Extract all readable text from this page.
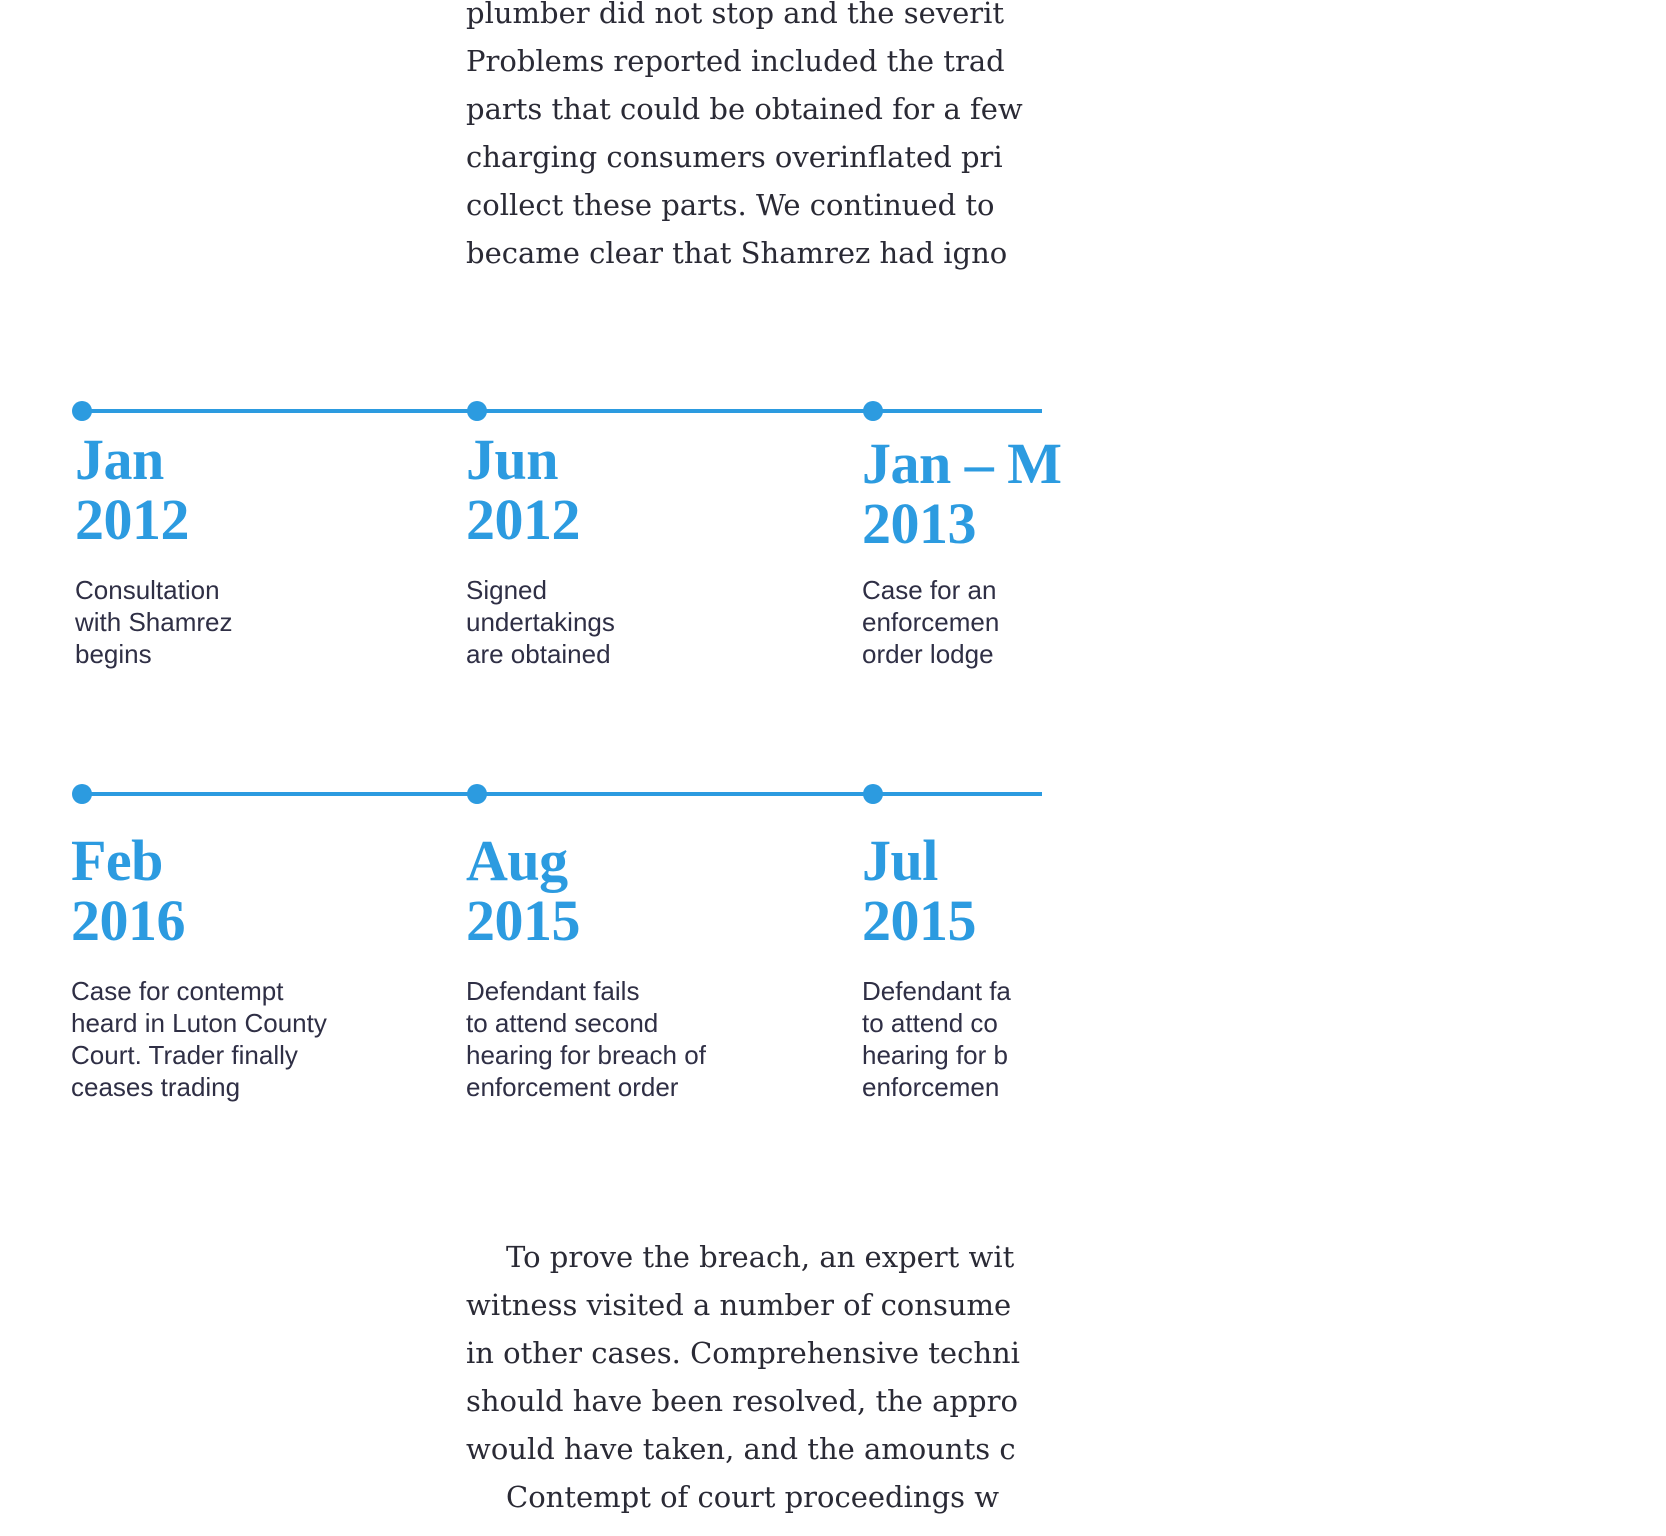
plumber did not stop and the severit
Problems reported included the trad
parts that could be obtained for a few
charging consumers overinflated pri
collect these parts. We continued to
became clear that Shamrez had igno
Jan
2012
Consultation
with Shamrez
begins
Jun
2012
Signed
undertakings
are obtained
Jan – M
2013
Case for an
enforcemen
order lodge
Feb
2016
Case for contempt
heard in Luton County
Court. Trader finally
ceases trading
Aug
2015
Defendant fails
to attend second
hearing for breach of
enforcement order
Jul
2015
Defendant fa
to attend co
hearing for b
enforcemen
To prove the breach, an expert wit
witness visited a number of consume
in other cases. Comprehensive techni
should have been resolved, the appro
would have taken, and the amounts c
Contempt of court proceedings w
